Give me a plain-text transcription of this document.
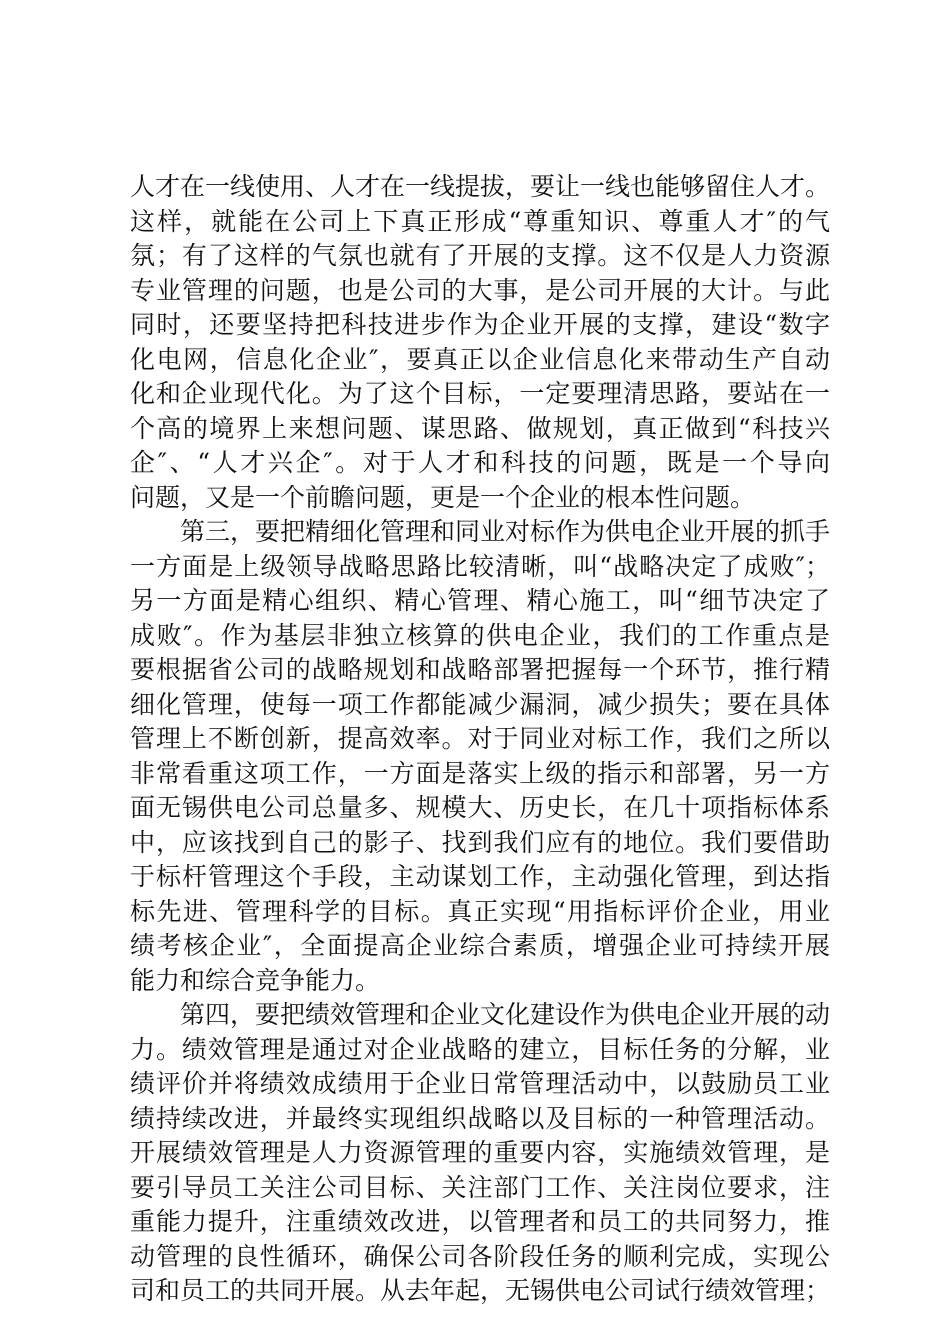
人才在一线使用、人才在一线提拔，要让一线也能够留住人才。
这样，就能在公司上下真正形成“尊重知识、尊重人才″的气
氛；有了这样的气氛也就有了开展的支撑。这不仅是人力资源
专业管理的问题，也是公司的大事，是公司开展的大计。与此
同时，还要坚持把科技进步作为企业开展的支撑，建设“数字
化电网，信息化企业″，要真正以企业信息化来带动生产自动
化和企业现代化。为了这个目标，一定要理清思路，要站在一
个高的境界上来想问题、谋思路、做规划，真正做到“科技兴
企″、“人才兴企″。对于人才和科技的问题，既是一个导向
问题，又是一个前瞻问题，更是一个企业的根本性问题。
第三，要把精细化管理和同业对标作为供电企业开展的抓手
一方面是上级领导战略思路比较清晰，叫“战略决定了成败″；
另一方面是精心组织、精心管理、精心施工，叫“细节决定了
成败″。作为基层非独立核算的供电企业，我们的工作重点是
要根据省公司的战略规划和战略部署把握每一个环节，推行精
细化管理，使每一项工作都能减少漏洞，减少损失；要在具体
管理上不断创新，提高效率。对于同业对标工作，我们之所以
非常看重这项工作，一方面是落实上级的指示和部署，另一方
面无锡供电公司总量多、规模大、历史长，在几十项指标体系
中，应该找到自己的影子、找到我们应有的地位。我们要借助
于标杆管理这个手段，主动谋划工作，主动强化管理，到达指
标先进、管理科学的目标。真正实现“用指标评价企业，用业
绩考核企业″，全面提高企业综合素质，增强企业可持续开展
能力和综合竞争能力。
第四，要把绩效管理和企业文化建设作为供电企业开展的动
力。绩效管理是通过对企业战略的建立，目标任务的分解，业
绩评价并将绩效成绩用于企业日常管理活动中，以鼓励员工业
绩持续改进，并最终实现组织战略以及目标的一种管理活动。
开展绩效管理是人力资源管理的重要内容，实施绩效管理，是
要引导员工关注公司目标、关注部门工作、关注岗位要求，注
重能力提升，注重绩效改进，以管理者和员工的共同努力，推
动管理的良性循环，确保公司各阶段任务的顺利完成，实现公
司和员工的共同开展。从去年起，无锡供电公司试行绩效管理；
